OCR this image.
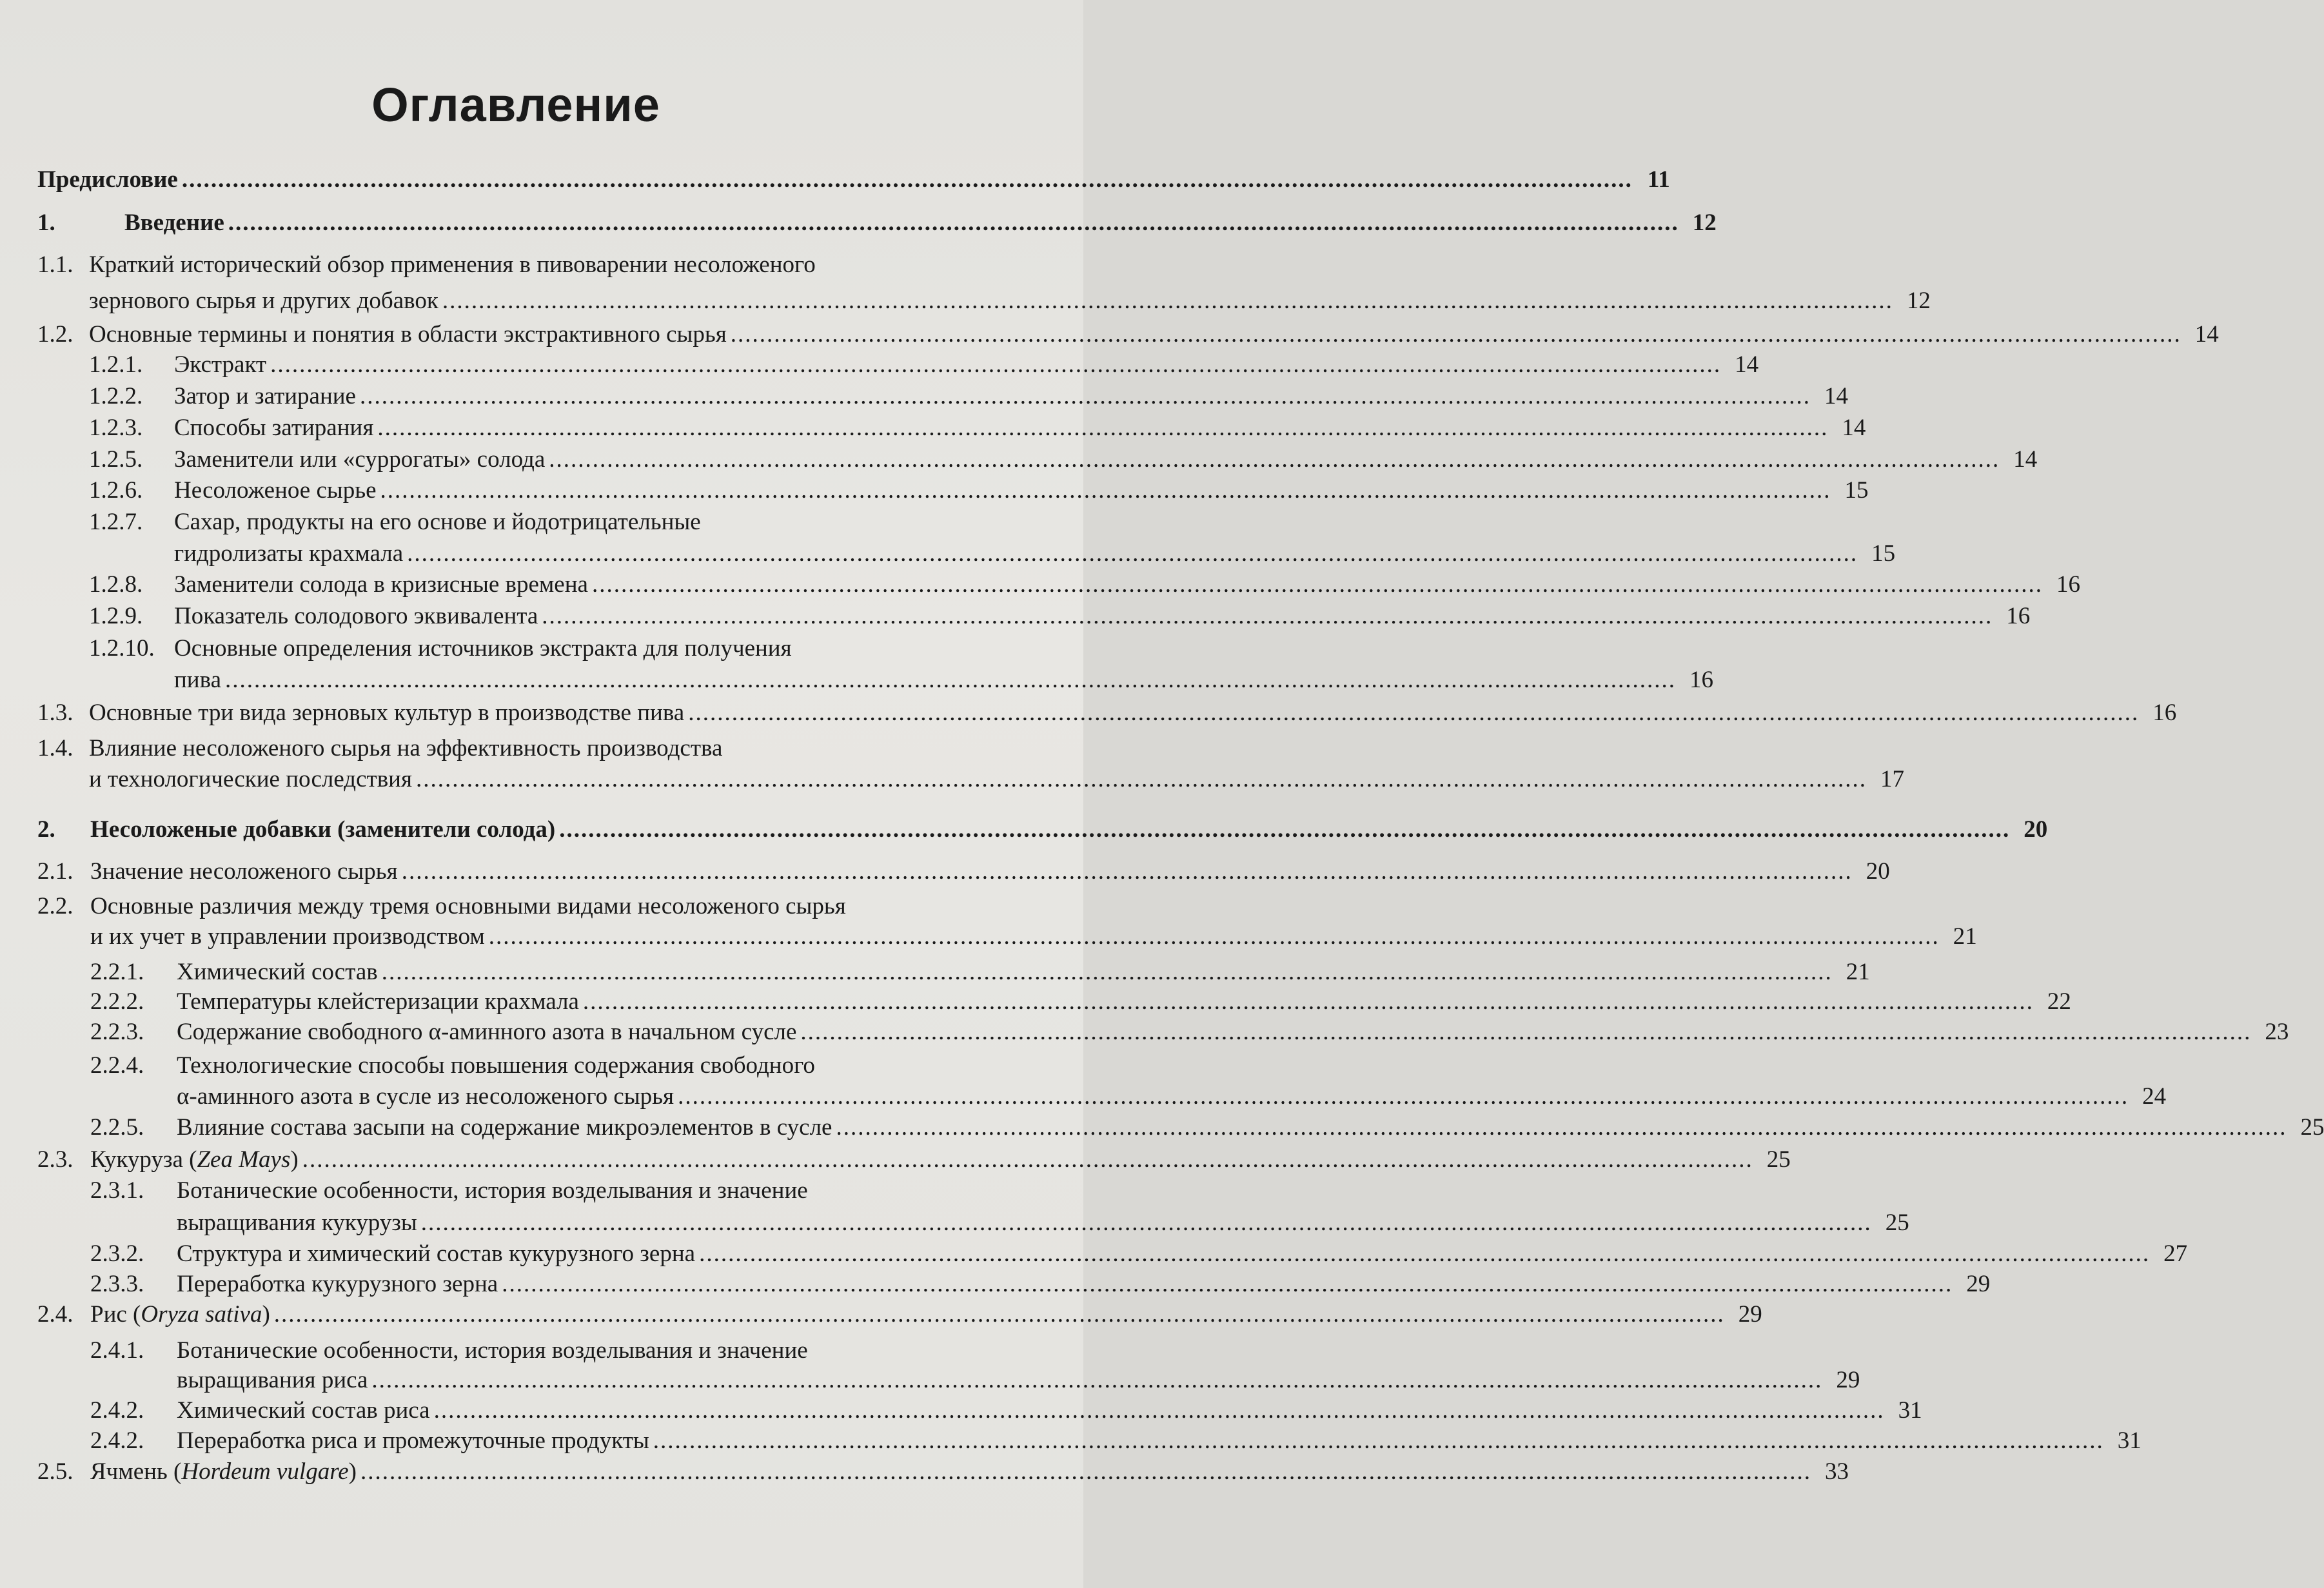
Оглавление
Предисловие ........................................................................................................................................................................................................ 11
1.	Введение ........................................................................................................................................................................................................ 12
1.1. Краткий исторический обзор применения в пивоварении несоложеного
зернового сырья и других добавок ........................................................................................................................................................................................................ 12
1.2. Основные термины и понятия в области экстрактивного сырья ........................................................................................................................................................................................................ 14
1.2.1.	Экстракт ........................................................................................................................................................................................................ 14
1.2.2.	Затор и затирание ........................................................................................................................................................................................................ 14
1.2.3.	Способы затирания ........................................................................................................................................................................................................ 14
1.2.5.	Заменители или «суррогаты» солода ........................................................................................................................................................................................................ 14
1.2.6.	Несоложеное сырье ........................................................................................................................................................................................................ 15
1.2.7. Сахар, продукты на его основе и йодотрицательные
гидролизаты крахмала ........................................................................................................................................................................................................ 15
1.2.8.	Заменители солода в кризисные времена ........................................................................................................................................................................................................ 16
1.2.9.	Показатель солодового эквивалента ........................................................................................................................................................................................................ 16
1.2.10. Основные определения источников экстракта для получения
пива ........................................................................................................................................................................................................ 16
1.3. Основные три вида зерновых культур в производстве пива ........................................................................................................................................................................................................ 16
1.4. Влияние несоложеного сырья на эффективность производства
и технологические последствия ........................................................................................................................................................................................................ 17
2.	Несоложеные добавки (заменители солода) ........................................................................................................................................................................................................ 20
2.1. Значение несоложеного сырья ........................................................................................................................................................................................................ 20
2.2. Основные различия между тремя основными видами несоложеного сырья
и их учет в управлении производством ........................................................................................................................................................................................................ 21
2.2.1.	Химический состав ........................................................................................................................................................................................................ 21
2.2.2.	Температуры клейстеризации крахмала ........................................................................................................................................................................................................ 22
2.2.3.	Содержание свободного α-аминного азота в начальном сусле ........................................................................................................................................................................................................ 23
2.2.4. Технологические способы повышения содержания свободного
α-аминного азота в сусле из несоложеного сырья ........................................................................................................................................................................................................ 24
2.2.5.	Влияние состава засыпи на содержание микроэлементов в сусле ........................................................................................................................................................................................................ 25
2.3. Кукуруза (Zea Mays) ........................................................................................................................................................................................................ 25
2.3.1. Ботанические особенности, история возделывания и значение
выращивания кукурузы ........................................................................................................................................................................................................ 25
2.3.2.	Структура и химический состав кукурузного зерна ........................................................................................................................................................................................................ 27
2.3.3.	Переработка кукурузного зерна ........................................................................................................................................................................................................ 29
2.4. Рис (Oryza sativa) ........................................................................................................................................................................................................ 29
2.4.1. Ботанические особенности, история возделывания и значение
выращивания риса ........................................................................................................................................................................................................ 29
2.4.2.	Химический состав риса ........................................................................................................................................................................................................ 31
2.4.2.	Переработка риса и промежуточные продукты ........................................................................................................................................................................................................ 31
2.5. Ячмень (Hordeum vulgare) ........................................................................................................................................................................................................ 33
